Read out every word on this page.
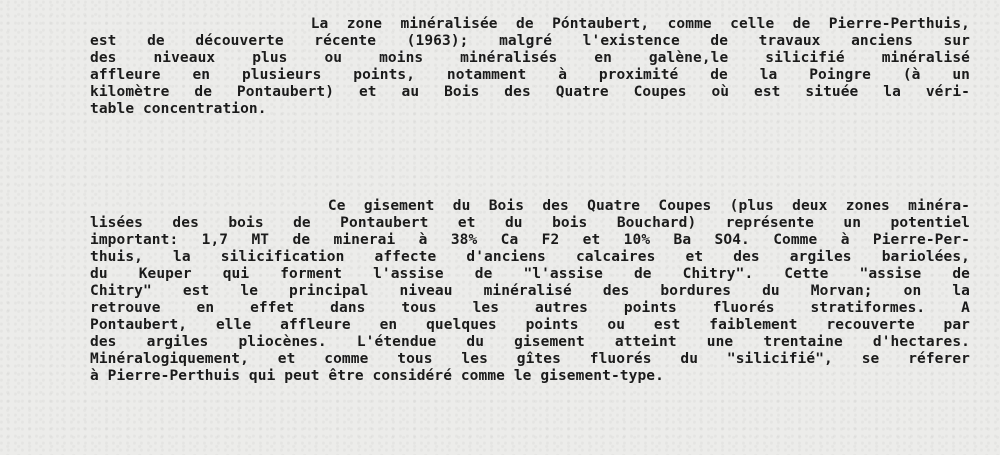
La zone minéralisée de Póntaubert, comme celle de Pierre-Perthuis,
est de découverte récente (1963); malgré l'existence de travaux anciens sur
des niveaux plus ou moins minéralisés en galène,le silicifié minéralisé
affleure en plusieurs points, notamment à proximité de la Poingre (à un
kilomètre de Pontaubert) et au Bois des Quatre Coupes où est située la véri-
table concentration.
Ce gisement du Bois des Quatre Coupes (plus deux zones minéra-
lisées des bois de Pontaubert et du bois Bouchard) représente un potentiel
important: 1,7 MT de minerai à 38% Ca F2 et 10% Ba SO4. Comme à Pierre-Per-
thuis, la silicification affecte d'anciens calcaires et des argiles bariolées,
du Keuper qui forment l'assise de "l'assise de Chitry". Cette "assise de
Chitry" est le principal niveau minéralisé des bordures du Morvan; on la
retrouve en effet dans tous les autres points fluorés stratiformes. A
Pontaubert, elle affleure en quelques points ou est faiblement recouverte par
des argiles pliocènes. L'étendue du gisement atteint une trentaine d'hectares.
Minéralogiquement, et comme tous les gîtes fluorés du "silicifié", se réferer
à Pierre-Perthuis qui peut être considéré comme le gisement-type.
